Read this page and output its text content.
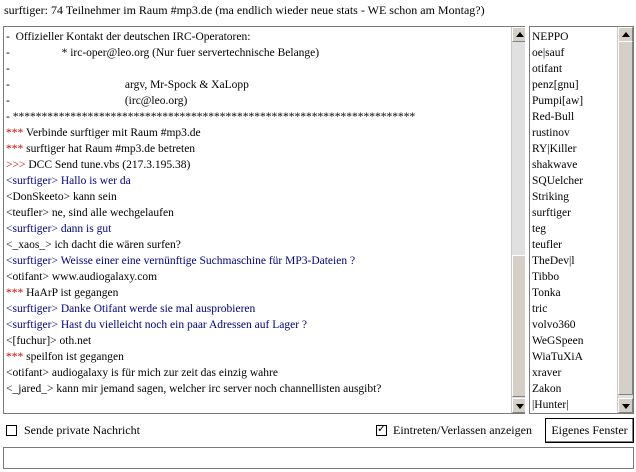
surftiger: 74 Teilnehmer im Raum #mp3.de (ma endlich wieder neue stats - WE schon am Montag?)
-  Offizieller Kontakt der deutschen IRC-Operatoren:
-                  * irc-oper@leo.org (Nur fuer servertechnische Belange)
-
-                                        argv, Mr-Spock & XaLopp
-                                        (irc@leo.org)
- **********************************************************************
*** Verbinde surftiger mit Raum #mp3.de
*** surftiger hat Raum #mp3.de betreten
>>> DCC Send tune.vbs (217.3.195.38)
<surftiger> Hallo is wer da
<DonSkeeto> kann sein
<teufler> ne, sind alle wechgelaufen
<surftiger> dann is gut
<_xaos_> ich dacht die wären surfen?
<surftiger> Weisse einer eine vernünftige Suchmaschine für MP3-Dateien ?
<otifant> www.audiogalaxy.com
*** HaArP ist gegangen
<surftiger> Danke Otifant werde sie mal ausprobieren
<surftiger> Hast du vielleicht noch ein paar Adressen auf Lager ?
<[fuchur]> oth.net
*** speilfon ist gegangen
<otifant> audiogalaxy is für mich zur zeit das einzig wahre
<_jared_> kann mir jemand sagen, welcher irc server noch channellisten ausgibt?
NEPPO
oe|sauf
otifant
penz[gnu]
Pumpi[aw]
Red-Bull
rustinov
RY|Killer
shakwave
SQUelcher
Striking
surftiger
teg
teufler
TheDev|l
Tibbo
Tonka
tric
volvo360
WeGSpeen
WiaTuXiA
xraver
Zakon
|Hunter|
Sende private Nachricht	✓ Eintreten/Verlassen anzeigen	Eigenes Fenster
